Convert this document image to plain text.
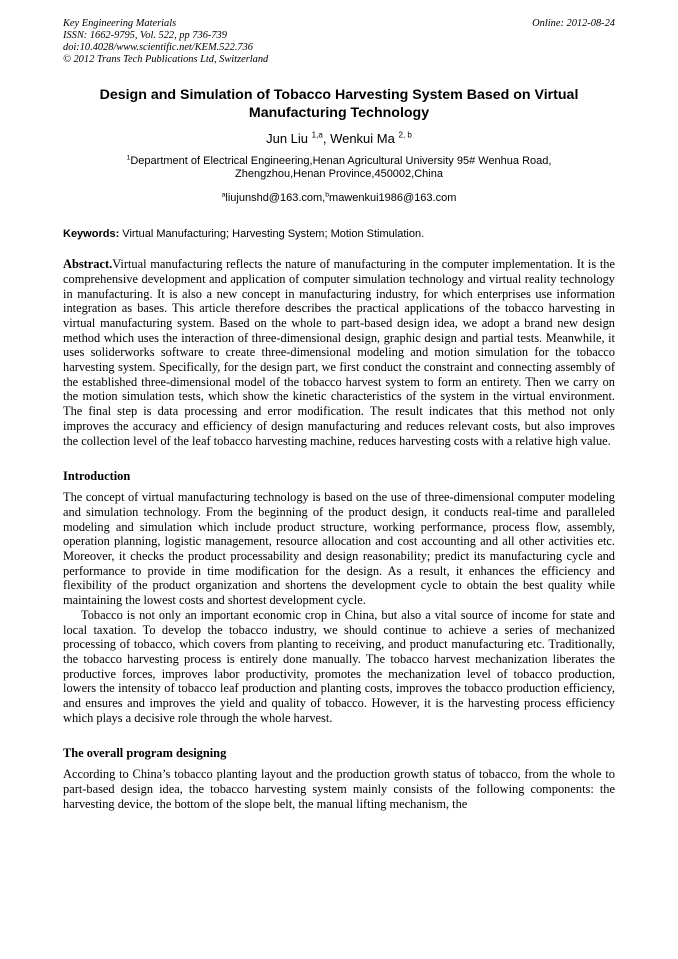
Key Engineering Materials
ISSN: 1662-9795, Vol. 522, pp 736-739
doi:10.4028/www.scientific.net/KEM.522.736
© 2012 Trans Tech Publications Ltd, Switzerland
Online: 2012-08-24
Design and Simulation of Tobacco Harvesting System Based on Virtual Manufacturing Technology
Jun Liu $^{1,a}$, Wenkui Ma $^{2, b}$
$^1$Department of Electrical Engineering,Henan Agricultural University 95# Wenhua Road,
Zhengzhou,Henan Province,450002,China
$^a$liujunshd@163.com,$^b$mawenkui1986@163.com
Keywords: Virtual Manufacturing; Harvesting System; Motion Stimulation.

Abstract.Virtual manufacturing reflects the nature of manufacturing in the computer implementation. It is the comprehensive development and application of computer simulation technology and virtual reality technology in manufacturing. It is also a new concept in manufacturing industry, for which enterprises use information integration as bases. This article therefore describes the practical applications of the tobacco harvesting in virtual manufacturing system. Based on the whole to part-based design idea, we adopt a brand new design method which uses the interaction of three-dimensional design, graphic design and partial tests. Meanwhile, it uses soliderworks software to create three-dimensional modeling and motion simulation for the tobacco harvesting system. Specifically, for the design part, we first conduct the constraint and connecting assembly of the established three-dimensional model of the tobacco harvest system to form an entirety. Then we carry on the motion simulation tests, which show the kinetic characteristics of the system in the virtual environment. The final step is data processing and error modification. The result indicates that this method not only improves the accuracy and efficiency of design manufacturing and reduces relevant costs, but also improves the collection level of the leaf tobacco harvesting machine, reduces harvesting costs with a relative high value.

Introduction

The concept of virtual manufacturing technology is based on the use of three-dimensional computer modeling and simulation technology. From the beginning of the product design, it conducts real-time and paralleled modeling and simulation which include product structure, working performance, process flow, assembly, operation planning, logistic management, resource allocation and cost accounting and all other activities etc. Moreover, it checks the product processability and design reasonability; predict its manufacturing cycle and performance to provide in time modification for the design. As a result, it enhances the efficiency and flexibility of the product organization and shortens the development cycle to obtain the best quality while maintaining the lowest costs and shortest development cycle.

Tobacco is not only an important economic crop in China, but also a vital source of income for state and local taxation. To develop the tobacco industry, we should continue to achieve a series of mechanized processing of tobacco, which covers from planting to receiving, and product manufacturing etc. Traditionally, the tobacco harvesting process is entirely done manually. The tobacco harvest mechanization liberates the productive forces, improves labor productivity, promotes the mechanization level of tobacco production, lowers the intensity of tobacco leaf production and planting costs, improves the tobacco production efficiency, and ensures and improves the yield and quality of tobacco. However, it is the harvesting process efficiency which plays a decisive role through the whole harvest.

The overall program designing

According to China’s tobacco planting layout and the production growth status of tobacco, from the whole to part-based design idea, the tobacco harvesting system mainly consists of the following components: the harvesting device, the bottom of the slope belt, the manual lifting mechanism, the
